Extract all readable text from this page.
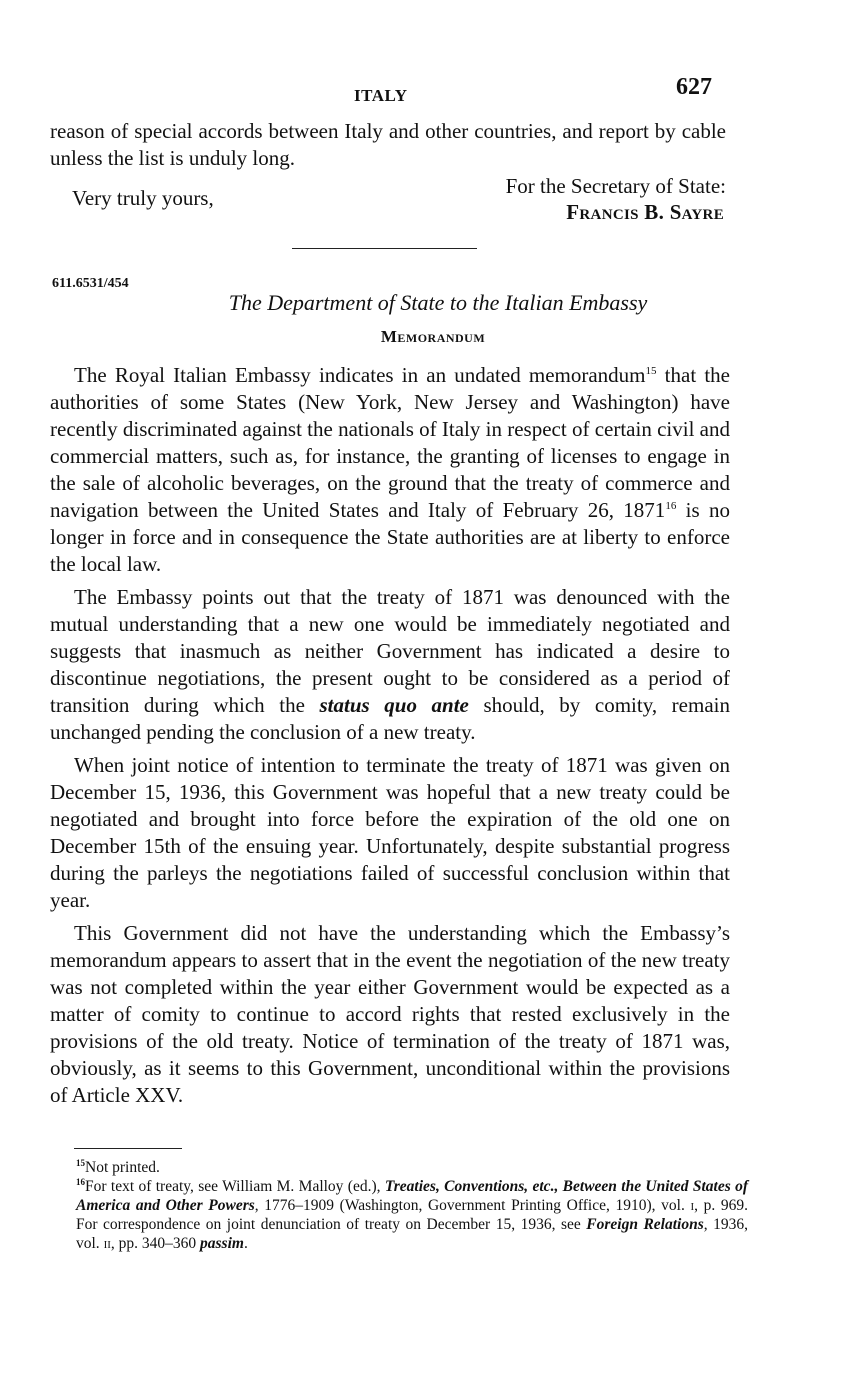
ITALY	627

reason of special accords between Italy and other countries, and report by cable unless the list is unduly long.

Very truly yours,	For the Secretary of State:
Francis B. Sayre
611.6531/454
The Department of State to the Italian Embassy
Memorandum

The Royal Italian Embassy indicates in an undated memorandum$^{15}$ that the authorities of some States (New York, New Jersey and Washington) have recently discriminated against the nationals of Italy in respect of certain civil and commercial matters, such as, for instance, the granting of licenses to engage in the sale of alcoholic beverages, on the ground that the treaty of commerce and navigation between the United States and Italy of February 26, 1871$^{16}$ is no longer in force and in consequence the State authorities are at liberty to enforce the local law.

The Embassy points out that the treaty of 1871 was denounced with the mutual understanding that a new one would be immediately negotiated and suggests that inasmuch as neither Government has indicated a desire to discontinue negotiations, the present ought to be considered as a period of transition during which the status quo ante should, by comity, remain unchanged pending the conclusion of a new treaty.

When joint notice of intention to terminate the treaty of 1871 was given on December 15, 1936, this Government was hopeful that a new treaty could be negotiated and brought into force before the expiration of the old one on December 15th of the ensuing year. Unfortunately, despite substantial progress during the parleys the negotiations failed of successful conclusion within that year.

This Government did not have the understanding which the Embassy’s memorandum appears to assert that in the event the negotiation of the new treaty was not completed within the year either Government would be expected as a matter of comity to continue to accord rights that rested exclusively in the provisions of the old treaty. Notice of termination of the treaty of 1871 was, obviously, as it seems to this Government, unconditional within the provisions of Article XXV.

$^{15}$Not printed.

$^{16}$For text of treaty, see William M. Malloy (ed.), Treaties, Conventions, etc., Between the United States of America and Other Powers, 1776–1909 (Washington, Government Printing Office, 1910), vol. i, p. 969. For correspondence on joint denunciation of treaty on December 15, 1936, see Foreign Relations, 1936, vol. ii, pp. 340–360 passim.
